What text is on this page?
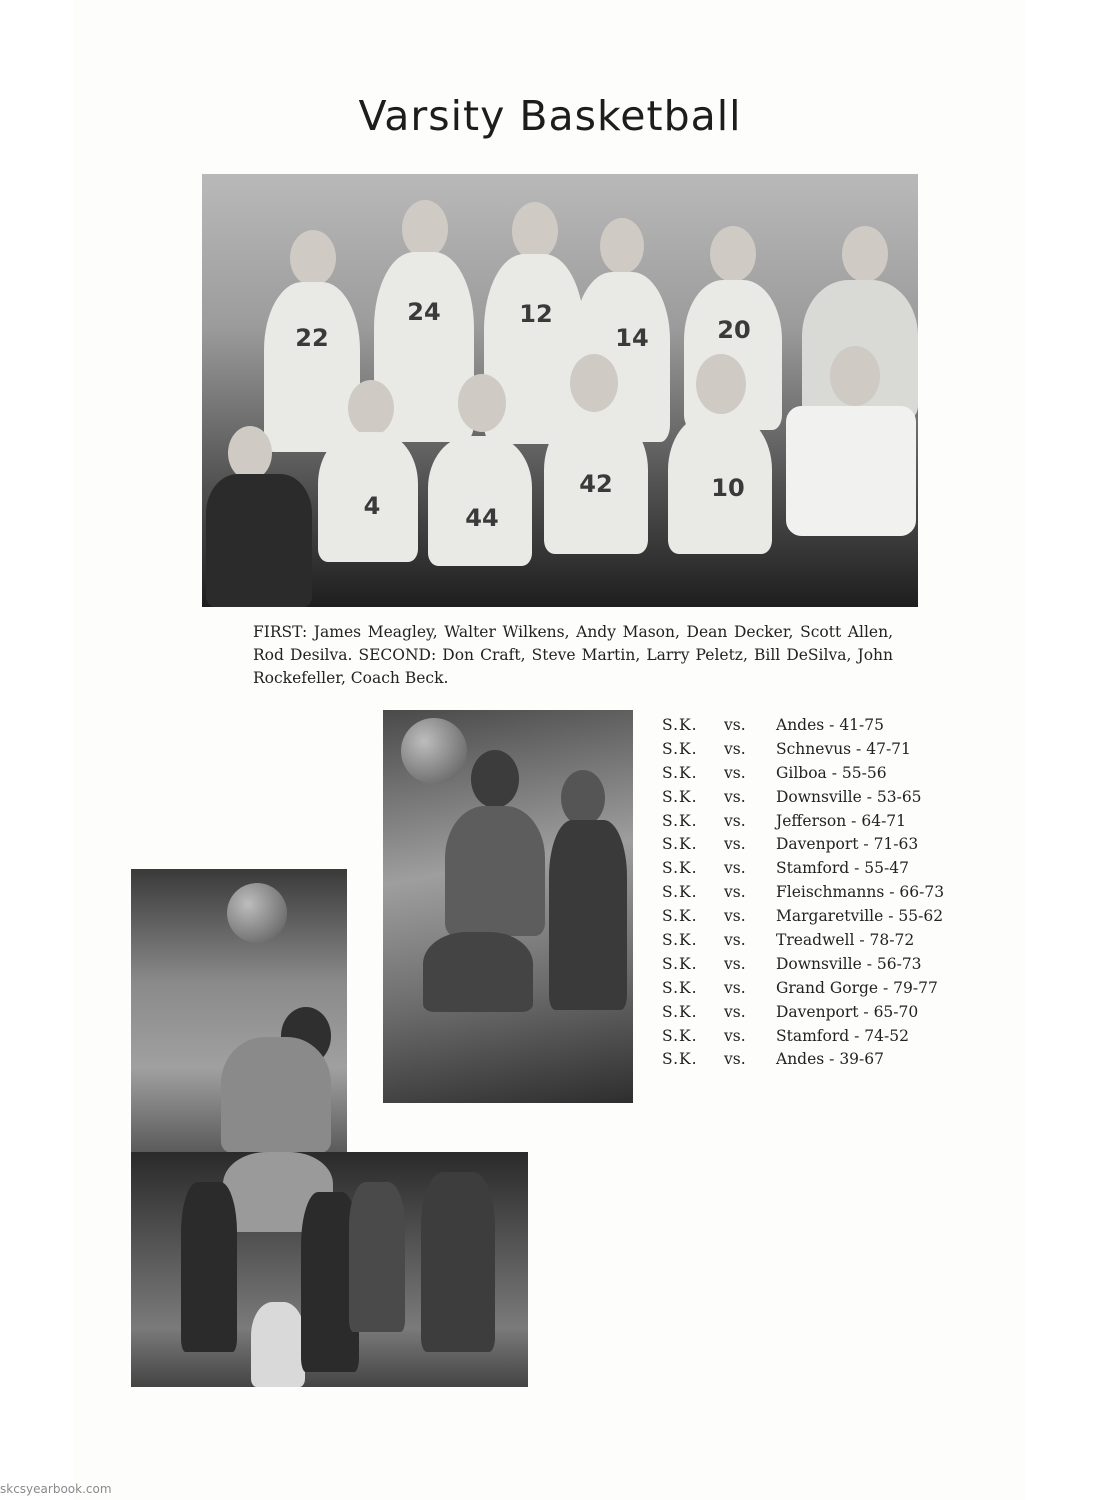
Varsity Basketball
22
24	12
14	20
4	44
42	10
FIRST: James Meagley, Walter Wilkens, Andy Mason, Dean Decker, Scott Allen, Rod Desilva. SECOND: Don Craft, Steve Martin, Larry Peletz, Bill DeSilva, John Rockefeller, Coach Beck.
S.K.	vs.	Andes - 41-75
S.K.	vs.	Schnevus - 47-71
S.K.	vs.	Gilboa - 55-56
S.K.	vs.	Downsville - 53-65
S.K.	vs.	Jefferson - 64-71
S.K.	vs.	Davenport - 71-63
S.K.	vs.	Stamford - 55-47
S.K.	vs.	Fleischmanns - 66-73
S.K.	vs.	Margaretville - 55-62
S.K.	vs.	Treadwell - 78-72
S.K.	vs.	Downsville - 56-73
S.K.	vs.	Grand Gorge - 79-77
S.K.	vs.	Davenport - 65-70
S.K.	vs.	Stamford - 74-52
S.K.	vs.	Andes - 39-67
skcsyearbook.com
